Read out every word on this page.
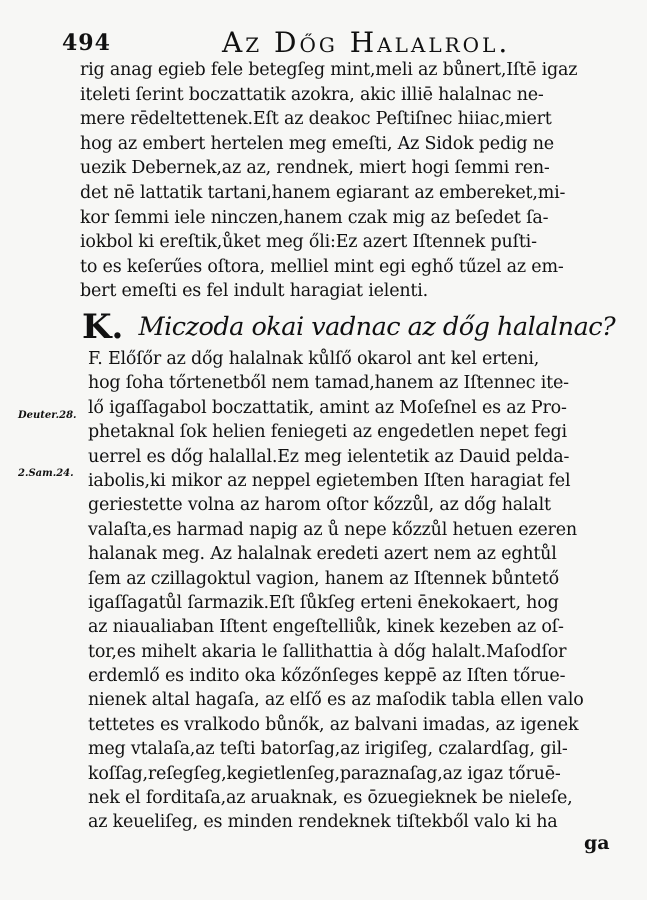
494	Az Dőg Halalrol.
rig anag egieb fele betegſeg mint,meli az bůnert,Iſtē igaz
iteleti ſerint boczattatik azokra, akic illiē halalnac ne-
mere rēdeltettenek.Eſt az deakoc Peſtiſnec hiiac,miert
hog az embert hertelen meg emeſti, Az Sidok pedig ne
uezik Debernek,az az, rendnek, miert hogi ſemmi ren-
det nē lattatik tartani,hanem egiarant az embereket,mi-
kor ſemmi iele ninczen,hanem czak mig az beſedet ſa-
iokbol ki ereſtik,ůket meg őli:Ez azert Iſtennek puſti-
to es keſerűes oſtora, melliel mint egi eghő tűzel az em-
bert emeſti es fel indult haragiat ielenti.
K. Miczoda okai vadnac az dőg halalnac?
Deuter.28.
2.Sam.24.
F. Előſőr az dőg halalnak kůlſő okarol ant kel erteni,
hog ſoha tőrtenetből nem tamad,hanem az Iſtennec ite-
lő igaſſagabol boczattatik, amint az Moſeſnel es az Pro-
phetaknal ſok helien feniegeti az engedetlen nepet fegi
uerrel es dőg halallal.Ez meg ielentetik az Dauid pelda-
iabolis,ki mikor az neppel egietemben Iſten haragiat fel
geriestette volna az harom oſtor kőzzůl, az dőg halalt
valaſta,es harmad napig az ů nepe kőzzůl hetuen ezeren
halanak meg. Az halalnak eredeti azert nem az eghtůl
ſem az czillagoktul vagion, hanem az Iſtennek bůntető
igaſſagatůl ſarmazik.Eſt ſůkſeg erteni ēnekokaert, hog
az niaualiaban Iſtent engeſtelliůk, kinek kezeben az oſ-
tor,es mihelt akaria le ſallithattia à dőg halalt.Maſodſor
erdemlő es indito oka kőzőnſeges keppē az Iſten tőrue-
nienek altal hagaſa, az elſő es az maſodik tabla ellen valo
tettetes es vralkodo bůnők, az balvani imadas, az igenek
meg vtalaſa,az teſti batorſag,az irigiſeg, czalardſag, gil-
koſſag,reſegſeg,kegietlenſeg,paraznaſag,az igaz tőruē-
nek el forditaſa,az aruaknak, es ōzuegieknek be nieleſe,
az keueliſeg, es minden rendeknek tiſtekből valo ki ha
ga
